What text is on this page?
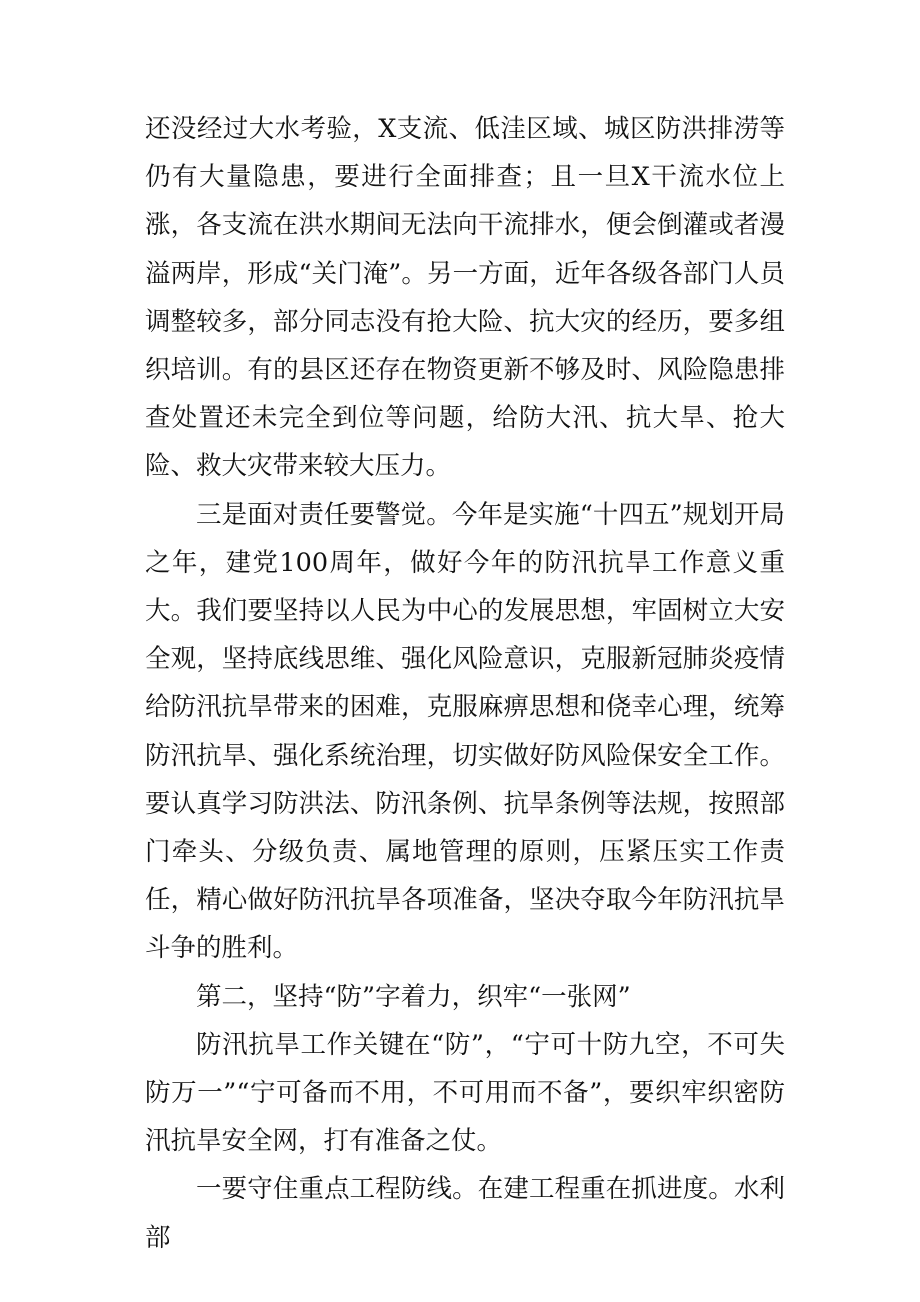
还没经过大水考验，X支流、低洼区域、城区防洪排涝等仍有大量隐患，要进行全面排查；且一旦X干流水位上涨，各支流在洪水期间无法向干流排水，便会倒灌或者漫溢两岸，形成“关门淹”。另一方面，近年各级各部门人员调整较多，部分同志没有抢大险、抗大灾的经历，要多组织培训。有的县区还存在物资更新不够及时、风险隐患排查处置还未完全到位等问题，给防大汛、抗大旱、抢大险、救大灾带来较大压力。

三是面对责任要警觉。今年是实施“十四五”规划开局之年，建党100周年，做好今年的防汛抗旱工作意义重大。我们要坚持以人民为中心的发展思想，牢固树立大安全观，坚持底线思维、强化风险意识，克服新冠肺炎疫情给防汛抗旱带来的困难，克服麻痹思想和侥幸心理，统筹防汛抗旱、强化系统治理，切实做好防风险保安全工作。要认真学习防洪法、防汛条例、抗旱条例等法规，按照部门牵头、分级负责、属地管理的原则，压紧压实工作责任，精心做好防汛抗旱各项准备，坚决夺取今年防汛抗旱斗争的胜利。

第二，坚持“防”字着力，织牢“一张网”

防汛抗旱工作关键在“防”，“宁可十防九空，不可失防万一”“宁可备而不用，不可用而不备”，要织牢织密防汛抗旱安全网，打有准备之仗。

一要守住重点工程防线。在建工程重在抓进度。水利部
